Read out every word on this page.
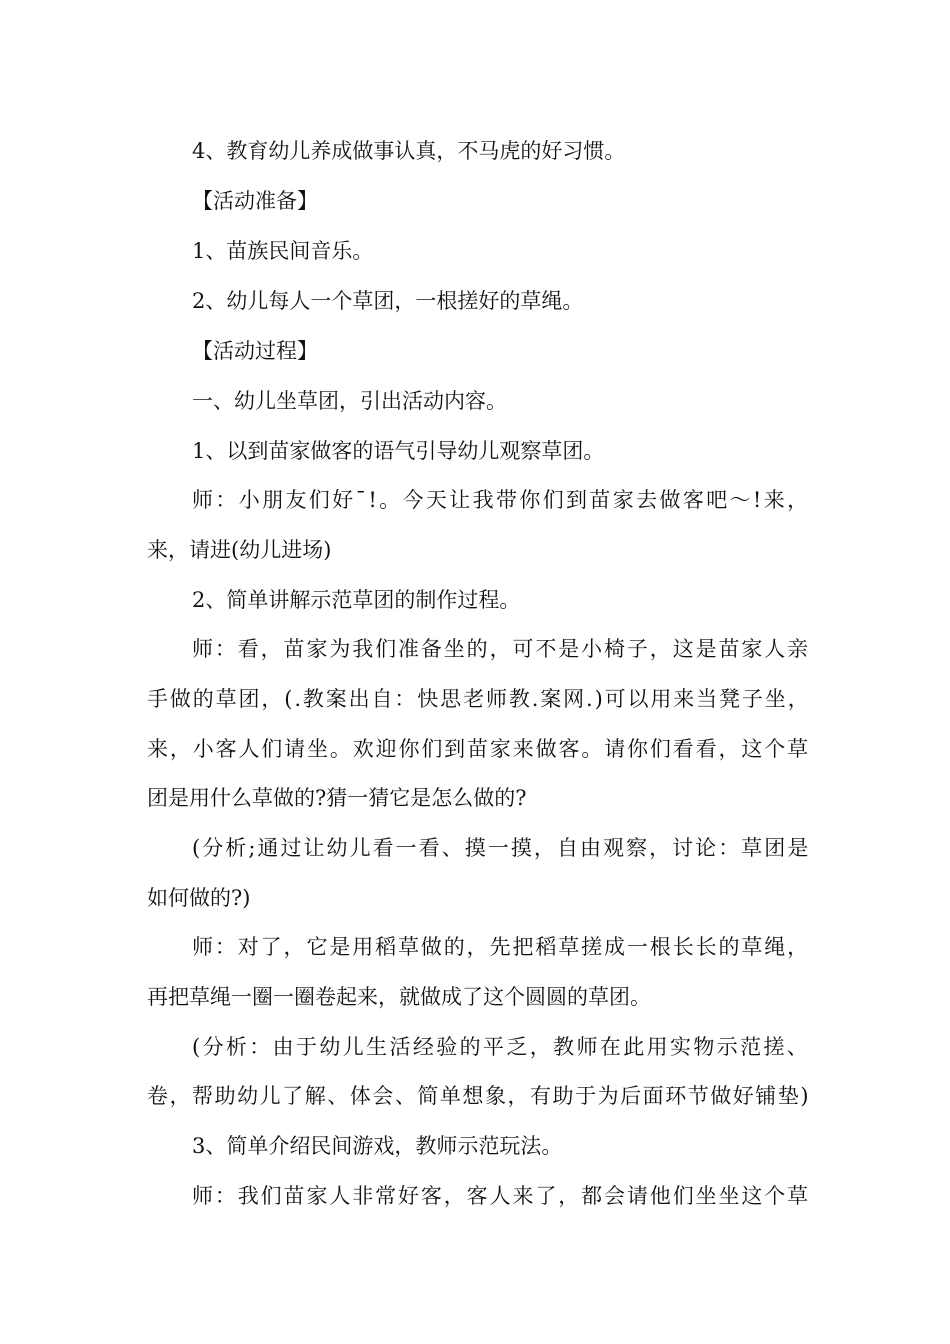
4、教育幼儿养成做事认真，不马虎的好习惯。
【活动准备】
1、苗族民间音乐。
2、幼儿每人一个草团，一根搓好的草绳。
【活动过程】
一、幼儿坐草团，引出活动内容。
1、以到苗家做客的语气引导幼儿观察草团。
师：小朋友们好¯!。今天让我带你们到苗家去做客吧～!来，
来，请进(幼儿进场)
2、简单讲解示范草团的制作过程。
师：看，苗家为我们准备坐的，可不是小椅子，这是苗家人亲
手做的草团，(.教案出自：快思老师教.案网.)可以用来当凳子坐，
来，小客人们请坐。欢迎你们到苗家来做客。请你们看看，这个草
团是用什么草做的?猜一猜它是怎么做的?
(分析;通过让幼儿看一看、摸一摸，自由观察，讨论：草团是
如何做的?)
师：对了，它是用稻草做的，先把稻草搓成一根长长的草绳，
再把草绳一圈一圈卷起来，就做成了这个圆圆的草团。
(分析：由于幼儿生活经验的平乏，教师在此用实物示范搓、
卷，帮助幼儿了解、体会、简单想象，有助于为后面环节做好铺垫)
3、简单介绍民间游戏，教师示范玩法。
师：我们苗家人非常好客，客人来了，都会请他们坐坐这个草
